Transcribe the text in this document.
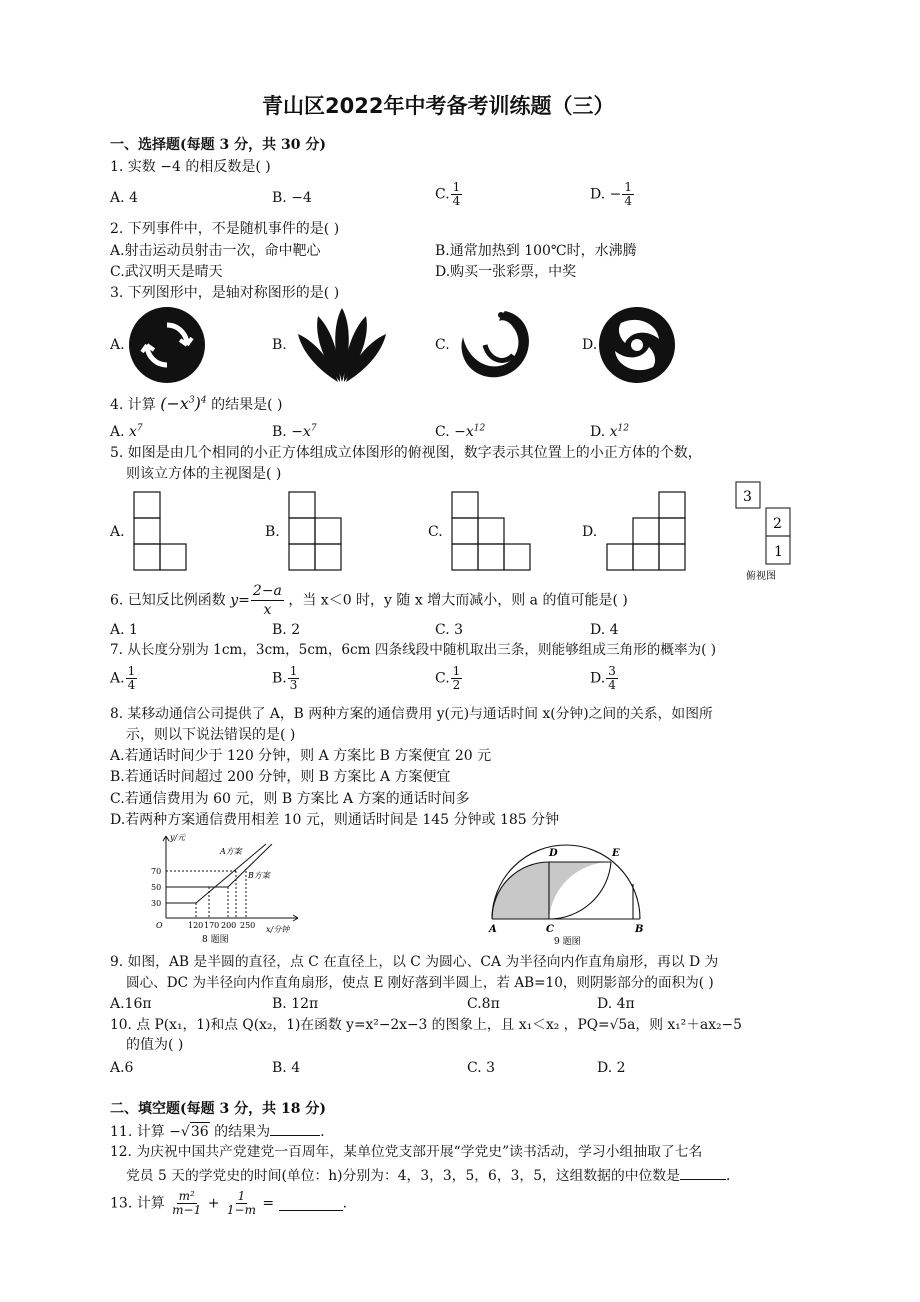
青山区2022年中考备考训练题（三）
一、选择题(每题 3 分，共 30 分)
1. 实数 −4 的相反数是( )
A. 4	B. −4	C. $\frac{1}{4}$	D. − $\frac{1}{4}$
2. 下列事件中，不是随机事件的是( )
A.射击运动员射击一次，命中靶心	B.通常加热到 100℃时，水沸腾
C.武汉明天是晴天	D.购买一张彩票，中奖
3. 下列图形中，是轴对称图形的是( )
A.	B.	C.	D.
4. 计算 $(-x^3)^4$ 的结果是( )
A. $x^7$	B. $-x^7$	C. $-x^{12}$	D. $x^{12}$
5. 如图是由几个相同的小正方体组成立体图形的俯视图，数字表示其位置上的小正方体的个数，
则该立方体的主视图是( )
A.	B.	C.	D.
3
2
1
俯视图
6. 已知反比例函数 $y= \frac{2-a}{x}$ ，当 x＜0 时，y 随 x 增大而减小，则 a 的值可能是( )
A. 1	B. 2	C. 3	D. 4
7. 从长度分别为 1cm，3cm，5cm，6cm 四条线段中随机取出三条，则能够组成三角形的概率为( )
A. $\frac{1}{4}$	B. $\frac{1}{3}$	C. $\frac{1}{2}$	D. $\frac{3}{4}$
8. 某移动通信公司提供了 A，B 两种方案的通信费用 y(元)与通话时间 x(分钟)之间的关系，如图所
示，则以下说法错误的是( )
A.若通话时间少于 120 分钟，则 A 方案比 B 方案便宜 20 元
B.若通话时间超过 200 分钟，则 B 方案比 A 方案便宜
C.若通信费用为 60 元，则 B 方案比 A 方案的通话时间多
D.若两种方案通信费用相差 10 元，则通话时间是 145 分钟或 185 分钟
y/元
70
50
30
O	120 170 200 250 x/分钟
A方案
B方案
8 题图
D	E
A	C	B
9 题图
9. 如图，AB 是半圆的直径，点 C 在直径上，以 C 为圆心、CA 为半径向内作直角扇形，再以 D 为
圆心、DC 为半径向内作直角扇形，使点 E 刚好落到半圆上，若 AB=10，则阴影部分的面积为( )
A.16π	B. 12π	C.8π	D. 4π
10. 点 P(x₁，1)和点 Q(x₂，1)在函数 y=x²−2x−3 的图象上，且 x₁＜x₂ ，PQ=√5a，则 x₁²＋ax₂−5
的值为( )
A.6	B. 4	C. 3	D. 2
二、填空题(每题 3 分，共 18 分)
11. 计算 −√36 的结果为	.
12. 为庆祝中国共产党建党一百周年，某单位党支部开展“学党史”读书活动，学习小组抽取了七名
党员 5 天的学党史的时间(单位：h)分别为：4，3，3，5，6，3，5，这组数据的中位数是	.
13. 计算 $\frac{\text{m²}}{m-1} + \frac{1}{1-m}$ =	.
